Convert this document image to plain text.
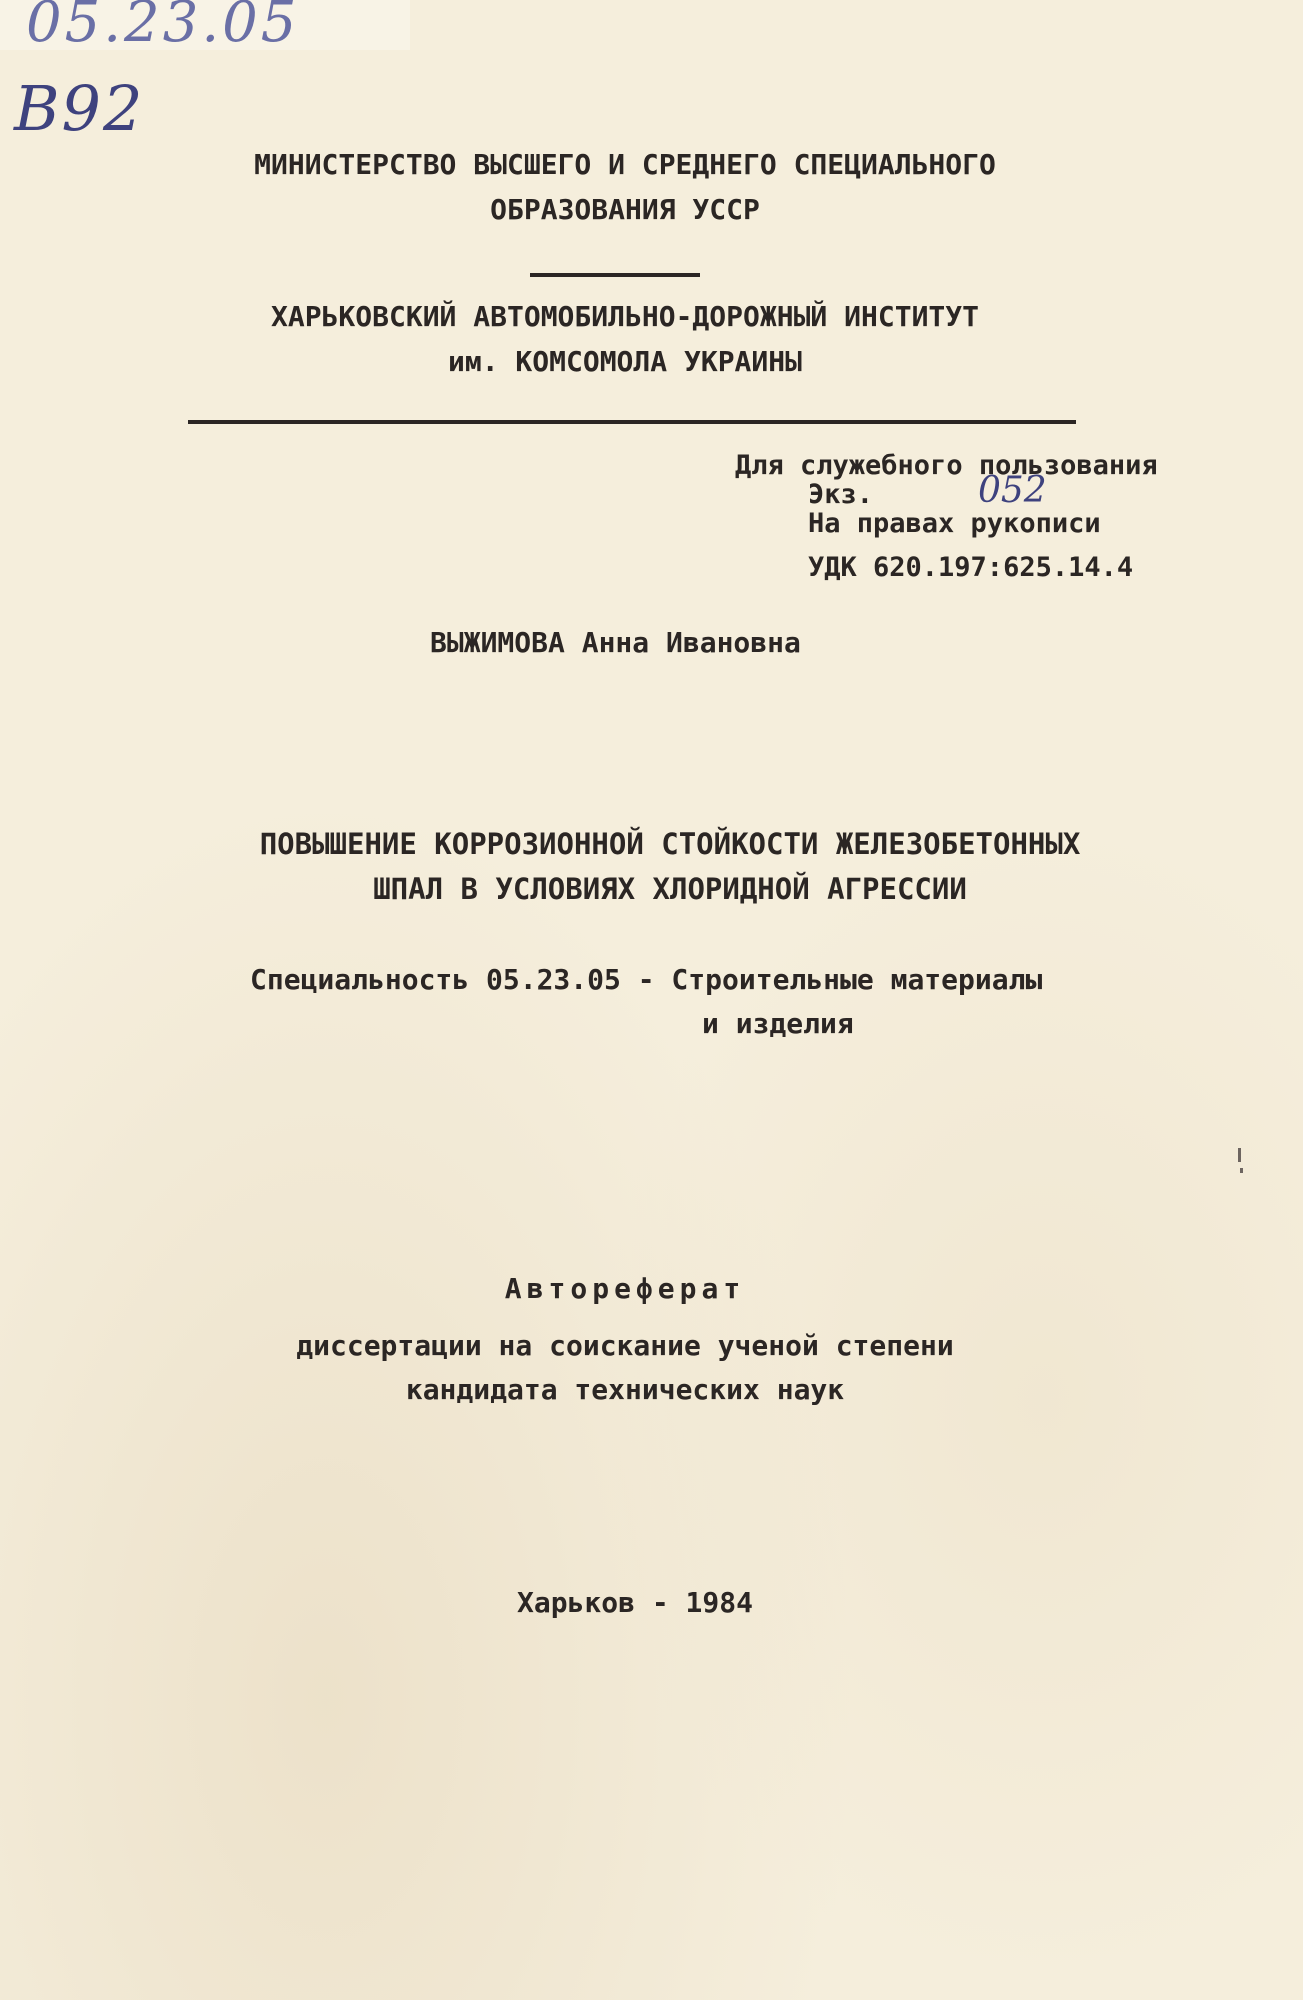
05.23.05
B92
МИНИСТЕРСТВО ВЫСШЕГО И СРЕДНЕГО СПЕЦИАЛЬНОГО
ОБРАЗОВАНИЯ УССР
ХАРЬКОВСКИЙ АВТОМОБИЛЬНО-ДОРОЖНЫЙ ИНСТИТУТ
им. КОМСОМОЛА УКРАИНЫ
Для служебного пользования
Экз.	052
На правах рукописи
УДК 620.197:625.14.4
ВЫЖИМОВА Анна Ивановна
ПОВЫШЕНИЕ КОРРОЗИОННОЙ СТОЙКОСТИ ЖЕЛЕЗОБЕТОННЫХ
ШПАЛ В УСЛОВИЯХ ХЛОРИДНОЙ АГРЕССИИ
Специальность 05.23.05 - Строительные материалы
и изделия
Автореферат
диссертации на соискание ученой степени
кандидата технических наук
Харьков - 1984
